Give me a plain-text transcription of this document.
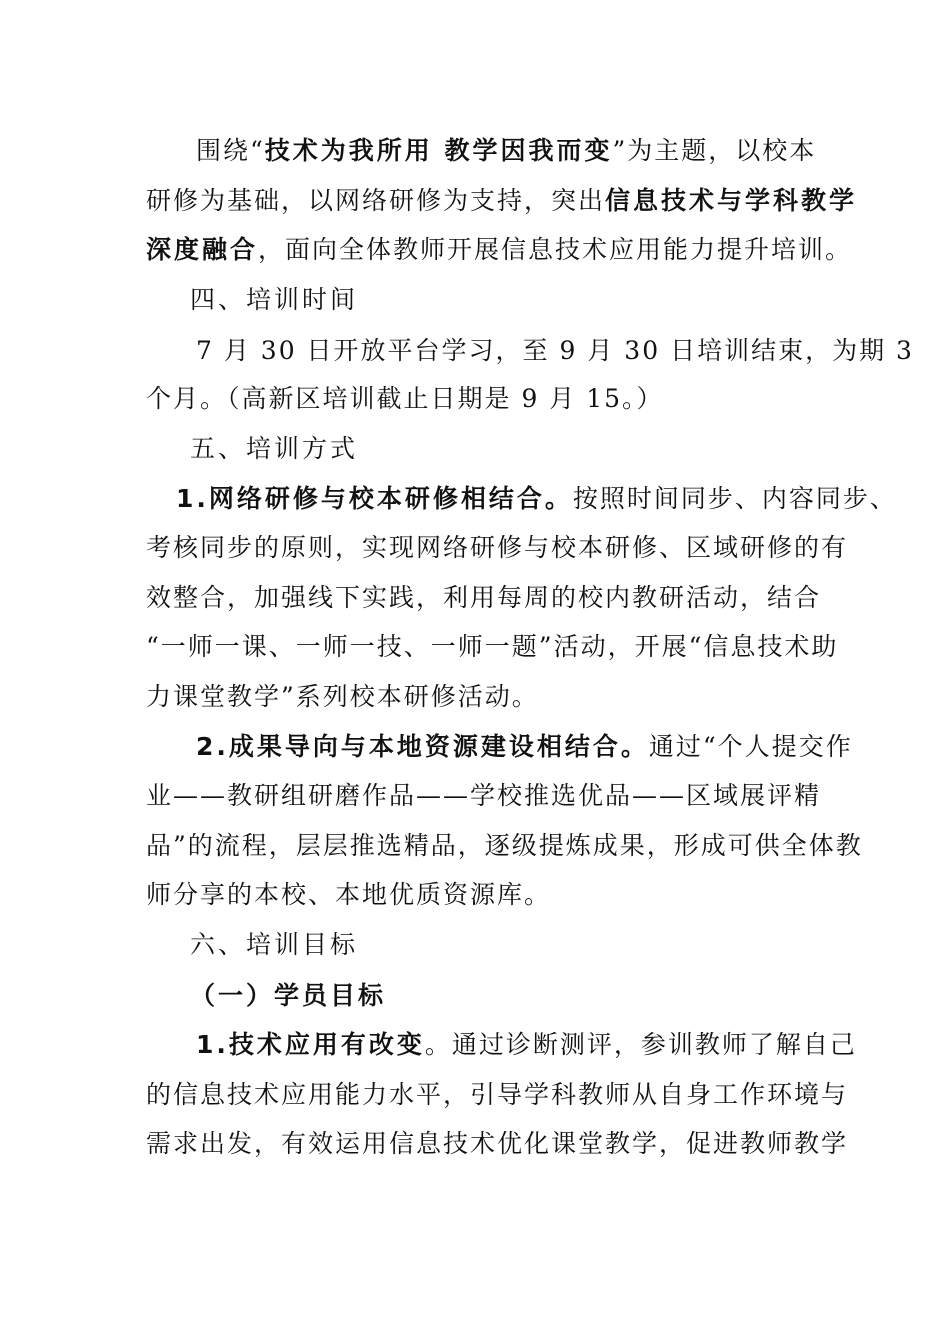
围绕“技术为我所用 教学因我而变”为主题，以校本
研修为基础，以网络研修为支持，突出信息技术与学科教学
深度融合，面向全体教师开展信息技术应用能力提升培训。
四、培训时间
7 月 30 日开放平台学习，至 9 月 30 日培训结束，为期 3
个月。（高新区培训截止日期是 9 月 15。）
五、培训方式
1.网络研修与校本研修相结合。按照时间同步、内容同步、
考核同步的原则，实现网络研修与校本研修、区域研修的有
效整合，加强线下实践，利用每周的校内教研活动，结合
“一师一课、一师一技、一师一题”活动，开展“信息技术助
力课堂教学”系列校本研修活动。
2.成果导向与本地资源建设相结合。通过“个人提交作
业——教研组研磨作品——学校推选优品——区域展评精
品”的流程，层层推选精品，逐级提炼成果，形成可供全体教
师分享的本校、本地优质资源库。
六、培训目标
（一）学员目标
1.技术应用有改变。通过诊断测评，参训教师了解自己
的信息技术应用能力水平，引导学科教师从自身工作环境与
需求出发，有效运用信息技术优化课堂教学，促进教师教学
